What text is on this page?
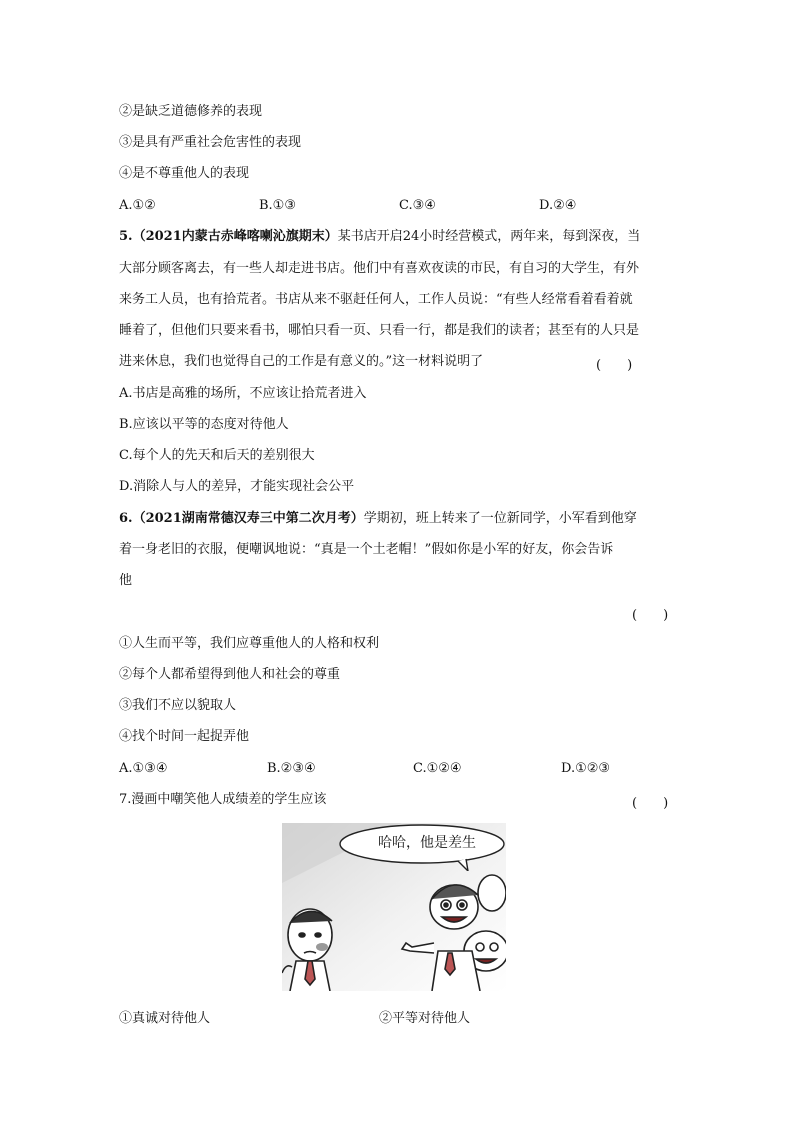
②是缺乏道德修养的表现
③是具有严重社会危害性的表现
④是不尊重他人的表现
A.①②	B.①③	C.③④	D.②④
5.（2021内蒙古赤峰喀喇沁旗期末）某书店开启24小时经营模式，两年来，每到深夜，当
大部分顾客离去，有一些人却走进书店。他们中有喜欢夜读的市民，有自习的大学生，有外
来务工人员，也有拾荒者。书店从来不驱赶任何人，工作人员说：“有些人经常看着看着就
睡着了，但他们只要来看书，哪怕只看一页、只看一行，都是我们的读者；甚至有的人只是
进来休息，我们也觉得自己的工作是有意义的。”这一材料说明了	(　　)
A.书店是高雅的场所，不应该让拾荒者进入
B.应该以平等的态度对待他人
C.每个人的先天和后天的差别很大
D.消除人与人的差异，才能实现社会公平
6.（2021湖南常德汉寿三中第二次月考）学期初，班上转来了一位新同学，小军看到他穿
着一身老旧的衣服，便嘲讽地说：“真是一个土老帽！”假如你是小军的好友，你会告诉
他
(　　)
①人生而平等，我们应尊重他人的人格和权利
②每个人都希望得到他人和社会的尊重
③我们不应以貌取人
④找个时间一起捉弄他
A.①③④	B.②③④	C.①②④	D.①②③
7.漫画中嘲笑他人成绩差的学生应该	(　　)
哈哈，他是差生
①真诚对待他人	②平等对待他人
